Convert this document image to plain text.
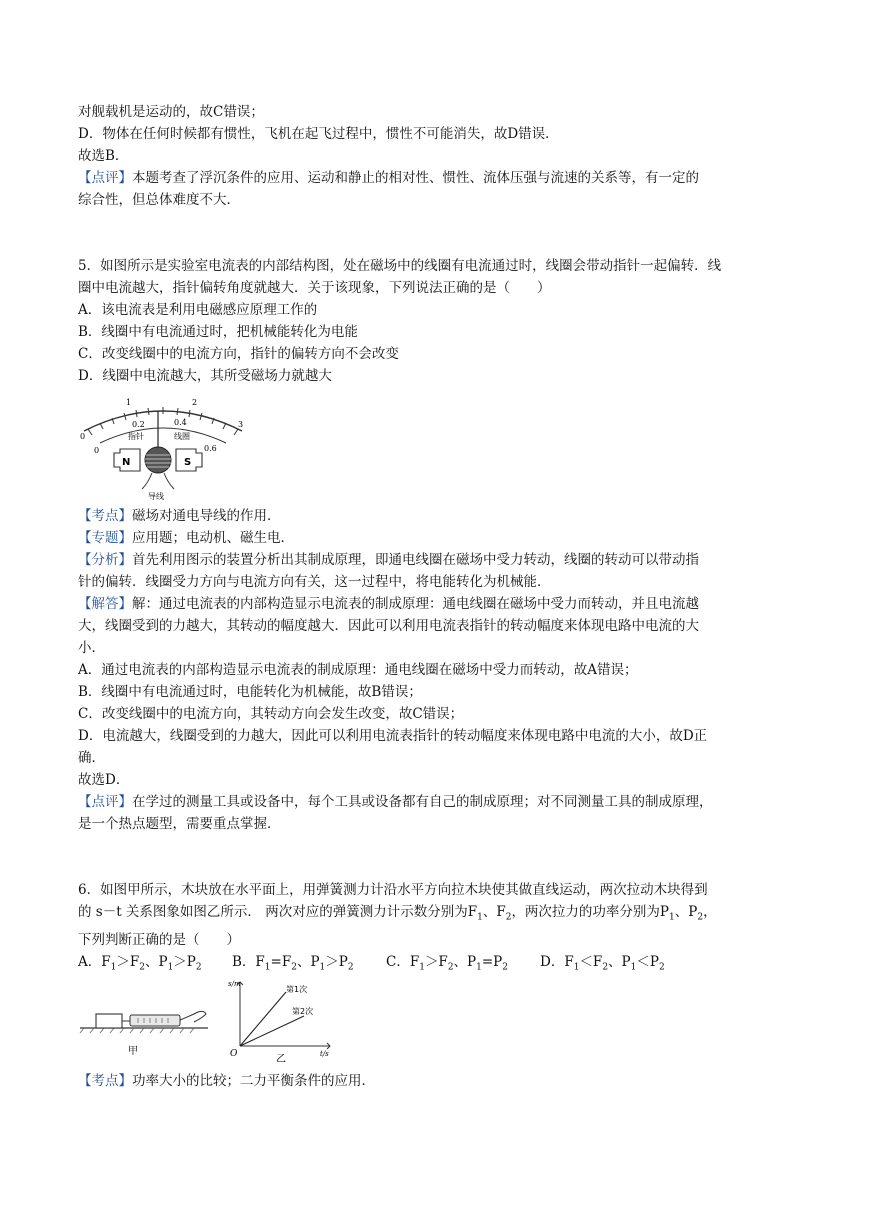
对舰载机是运动的，故C错误；
D．物体在任何时候都有惯性，飞机在起飞过程中，惯性不可能消失，故D错误．
故选B．
【点评】本题考查了浮沉条件的应用、运动和静止的相对性、惯性、流体压强与流速的关系等，有一定的
综合性，但总体难度不大．
5．如图所示是实验室电流表的内部结构图，处在磁场中的线圈有电流通过时，线圈会带动指针一起偏转．线
圈中电流越大，指针偏转角度就越大．关于该现象，下列说法正确的是（　　）
A．该电流表是利用电磁感应原理工作的
B．线圈中有电流通过时，把机械能转化为电能
C．改变线圈中的电流方向，指针的偏转方向不会改变
D．线圈中电流越大，其所受磁场力就越大
0
1	2
3
0
0.2	0.4
0.6
指针	线圈
N	S
导线
【考点】磁场对通电导线的作用．
【专题】应用题；电动机、磁生电．
【分析】首先利用图示的装置分析出其制成原理，即通电线圈在磁场中受力转动，线圈的转动可以带动指
针的偏转．线圈受力方向与电流方向有关，这一过程中，将电能转化为机械能．
【解答】解：通过电流表的内部构造显示电流表的制成原理：通电线圈在磁场中受力而转动，并且电流越
大，线圈受到的力越大，其转动的幅度越大．因此可以利用电流表指针的转动幅度来体现电路中电流的大
小．
A．通过电流表的内部构造显示电流表的制成原理：通电线圈在磁场中受力而转动，故A错误；
B．线圈中有电流通过时，电能转化为机械能，故B错误；
C．改变线圈中的电流方向，其转动方向会发生改变，故C错误；
D．电流越大，线圈受到的力越大，因此可以利用电流表指针的转动幅度来体现电路中电流的大小，故D正
确．
故选D．
【点评】在学过的测量工具或设备中，每个工具或设备都有自己的制成原理；对不同测量工具的制成原理，
是一个热点题型，需要重点掌握．
6．如图甲所示，木块放在水平面上，用弹簧测力计沿水平方向拉木块使其做直线运动，两次拉动木块得到
的 s－t 关系图象如图乙所示． 两次对应的弹簧测力计示数分别为$F_1$、$F_2$，两次拉力的功率分别为$P_1$、$P_2$，
下列判断正确的是（　　）
A．$F_1>F_2$、$P_1>P_2$	B．$F_1=F_2$、$P_1>P_2$	C．$F_1>F_2$、$P_1=P_2$	D．$F_1<F_2$、$P_1<P_2$
甲
s/m
t/s
O
第1次
第2次
乙
【考点】功率大小的比较；二力平衡条件的应用．
